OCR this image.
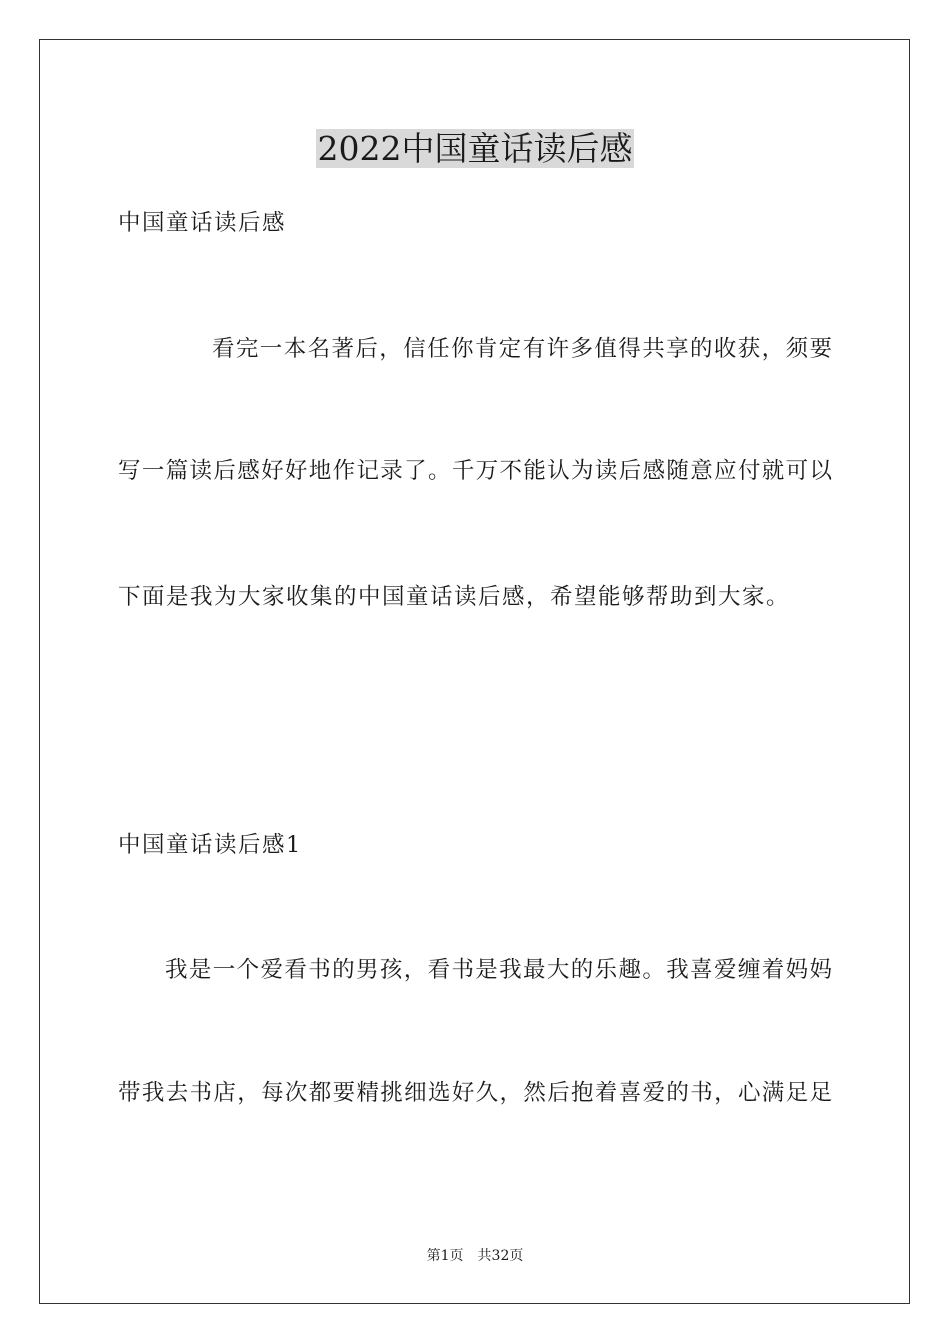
2022中国童话读后感

中国童话读后感

看完一本名著后，信任你肯定有许多值得共享的收获，须要

写一篇读后感好好地作记录了。千万不能认为读后感随意应付就可以

下面是我为大家收集的中国童话读后感，希望能够帮助到大家。

中国童话读后感1

我是一个爱看书的男孩，看书是我最大的乐趣。我喜爱缠着妈妈

带我去书店，每次都要精挑细选好久，然后抱着喜爱的书，心满足足

第1页　共32页
